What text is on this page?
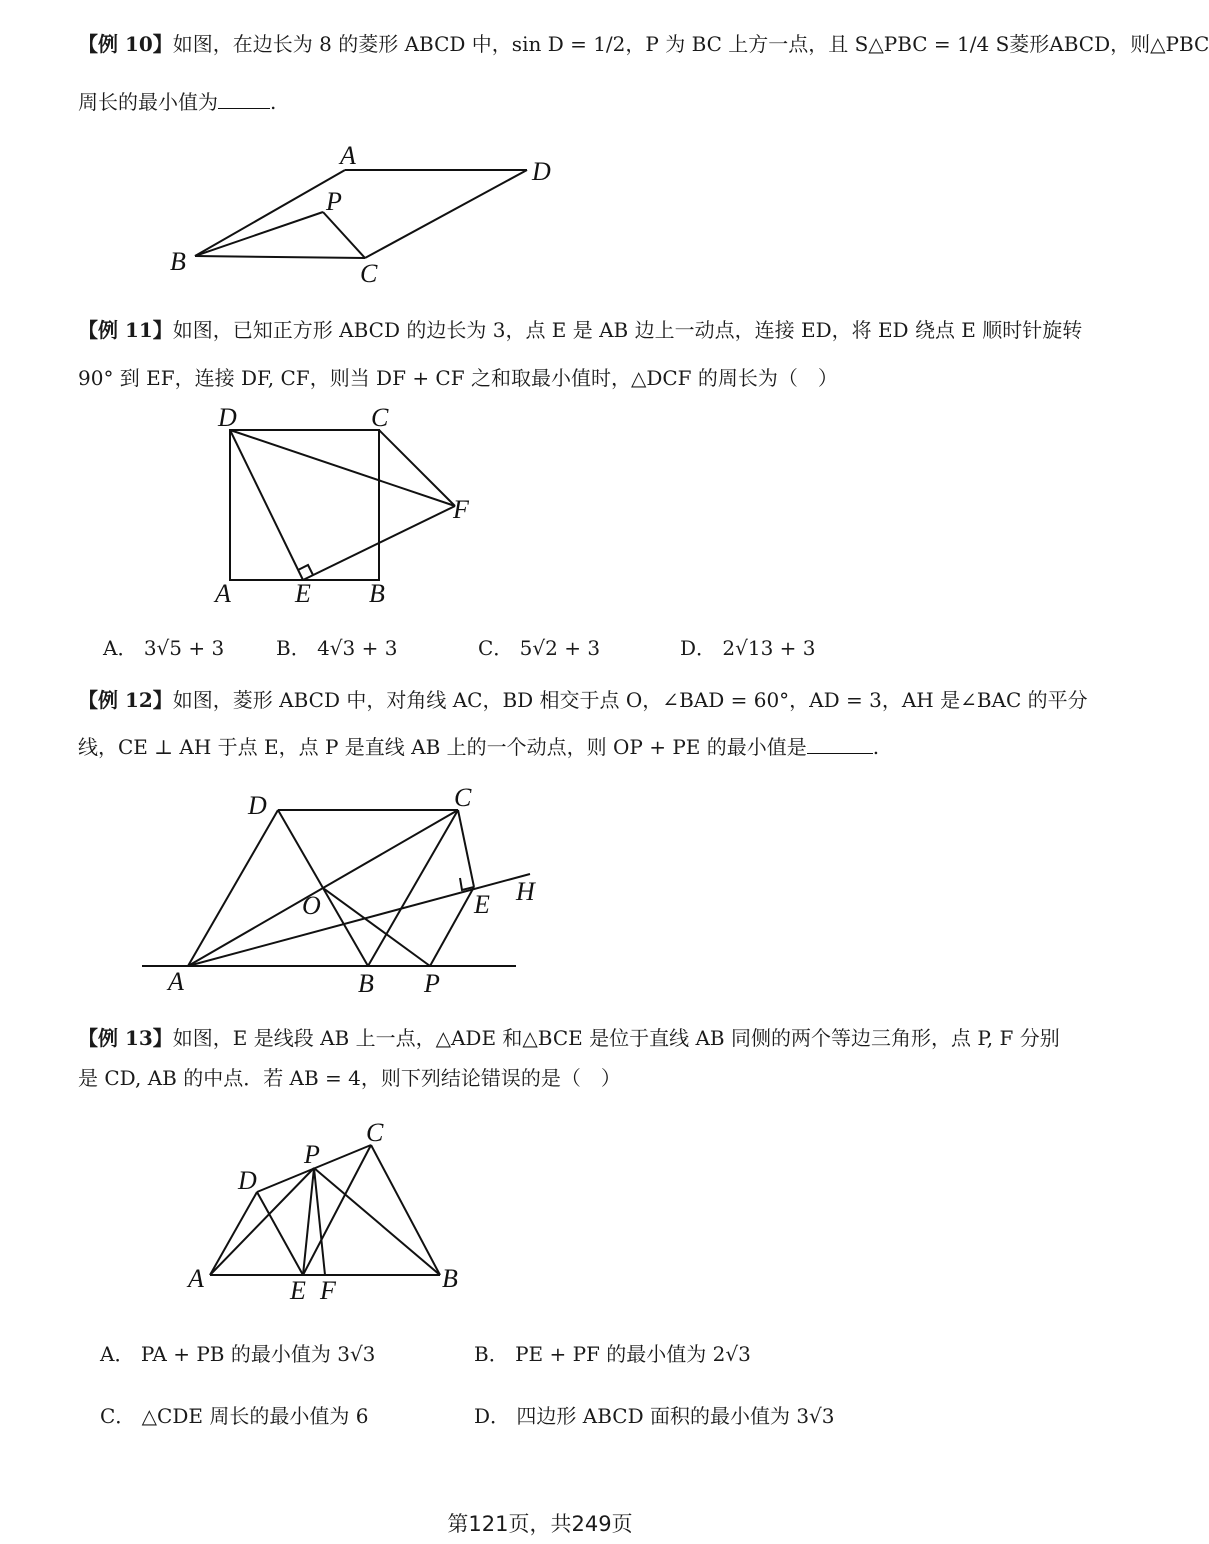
【例 10】如图，在边长为 8 的菱形 ABCD 中，sin D = 1/2，P 为 BC 上方一点，且 S△PBC = 1/4 S菱形ABCD，则△PBC
周长的最小值为	.
A
D
P
B	C
【例 11】如图，已知正方形 ABCD 的边长为 3，点 E 是 AB 边上一动点，连接 ED，将 ED 绕点 E 顺时针旋转
90° 到 EF，连接 DF, CF，则当 DF + CF 之和取最小值时，△DCF 的周长为（　）
D	C
F
A E B
A． 3√5 + 3	B． 4√3 + 3	C． 5√2 + 3	D． 2√13 + 3
【例 12】如图，菱形 ABCD 中，对角线 AC，BD 相交于点 O，∠BAD = 60°，AD = 3，AH 是∠BAC 的平分
线，CE ⊥ AH 于点 E，点 P 是直线 AB 上的一个动点，则 OP + PE 的最小值是	.
D	C
H
E
O
A	B P
【例 13】如图，E 是线段 AB 上一点，△ADE 和△BCE 是位于直线 AB 同侧的两个等边三角形，点 P, F 分别
是 CD, AB 的中点．若 AB = 4，则下列结论错误的是（　）
C
P
D
A	B
E F
A． PA + PB 的最小值为 3√3	B． PE + PF 的最小值为 2√3
C． △CDE 周长的最小值为 6	D． 四边形 ABCD 面积的最小值为 3√3
第121页，共249页
